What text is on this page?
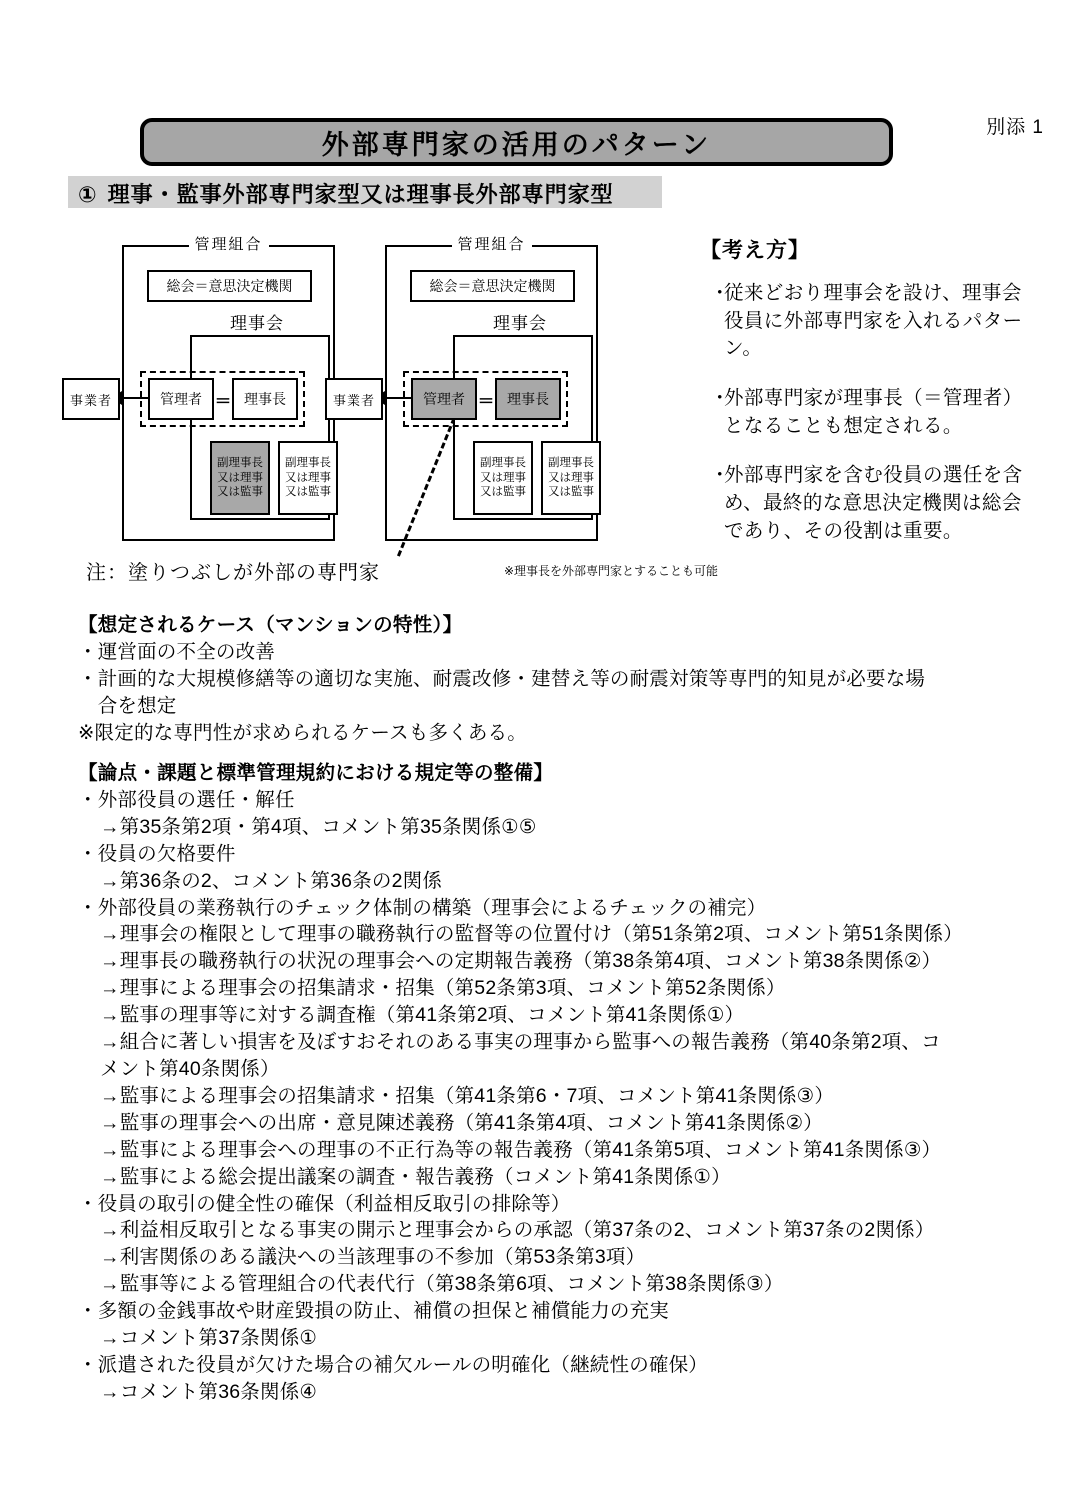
別添 1
外部専門家の活用のパターン
① 理事・監事外部専門家型又は理事長外部専門家型
管理組合
総会＝意思決定機関
理事会
管理者 ＝ 理事長
副理事長
又は理事
又は監事
副理事長
又は理事
又は監事
事業者
管理組合
総会＝意思決定機関
理事会
管理者 ＝ 理事長
副理事長
又は理事
又は監事
副理事長
又は理事
又は監事
事業者
※理事長を外部専門家とすることも可能
注：塗りつぶしが外部の専門家
【考え方】
・
従来どおり理事会を設け、理事会役員に外部専門家を入れるパターン。
・
外部専門家が理事長（＝管理者）となることも想定される。
・
外部専門家を含む役員の選任を含め、最終的な意思決定機関は総会であり、その役割は重要。
【想定されるケース（マンションの特性）】
・運営面の不全の改善
・計画的な大規模修繕等の適切な実施、耐震改修・建替え等の耐震対策等専門的知見が必要な場
　合を想定
※限定的な専門性が求められるケースも多くある。
【論点・課題と標準管理規約における規定等の整備】
・外部役員の選任・解任
→第35条第2項・第4項、コメント第35条関係①⑤
・役員の欠格要件
→第36条の2、コメント第36条の2関係
・外部役員の業務執行のチェック体制の構築（理事会によるチェックの補完）
→理事会の権限として理事の職務執行の監督等の位置付け（第51条第2項、コメント第51条関係）
→理事長の職務執行の状況の理事会への定期報告義務（第38条第4項、コメント第38条関係②）
→理事による理事会の招集請求・招集（第52条第3項、コメント第52条関係）
→監事の理事等に対する調査権（第41条第2項、コメント第41条関係①）
→組合に著しい損害を及ぼすおそれのある事実の理事から監事への報告義務（第40条第2項、コ
メント第40条関係）
→監事による理事会の招集請求・招集（第41条第6・7項、コメント第41条関係③）
→監事の理事会への出席・意見陳述義務（第41条第4項、コメント第41条関係②）
→監事による理事会への理事の不正行為等の報告義務（第41条第5項、コメント第41条関係③）
→監事による総会提出議案の調査・報告義務（コメント第41条関係①）
・役員の取引の健全性の確保（利益相反取引の排除等）
→利益相反取引となる事実の開示と理事会からの承認（第37条の2、コメント第37条の2関係）
→利害関係のある議決への当該理事の不参加（第53条第3項）
→監事等による管理組合の代表代行（第38条第6項、コメント第38条関係③）
・多額の金銭事故や財産毀損の防止、補償の担保と補償能力の充実
→コメント第37条関係①
・派遣された役員が欠けた場合の補欠ルールの明確化（継続性の確保）
→コメント第36条関係④
